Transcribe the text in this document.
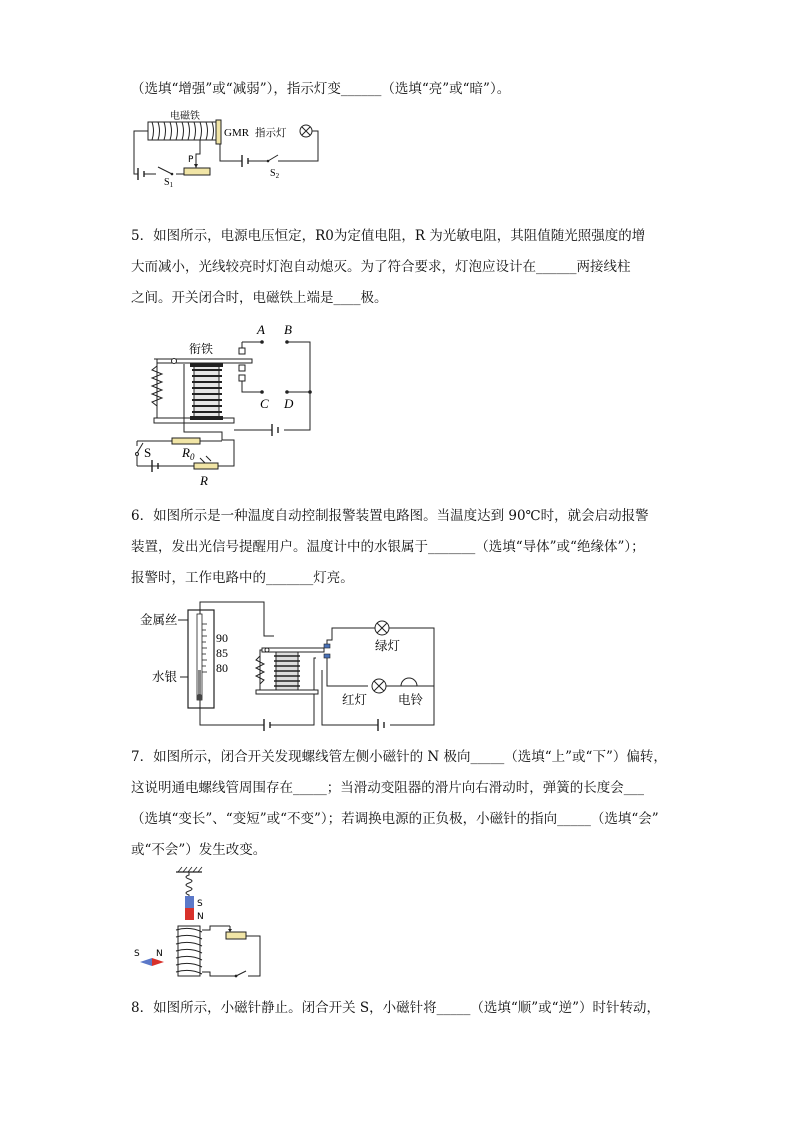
（选填“增强”或“减弱”），指示灯变______（选填“亮”或“暗”）。
电磁铁
GMR 指示灯
$S_2$
P
$S_1$
5．如图所示，电源电压恒定，R0为定值电阻，R 为光敏电阻，其阻值随光照强度的增
大而减小，光线较亮时灯泡自动熄灭。为了符合要求，灯泡应设计在______两接线柱
之间。开关闭合时，电磁铁上端是____极。
A B
C D
衔铁
$R_0$
S
R
6．如图所示是一种温度自动控制报警装置电路图。当温度达到 90℃时，就会启动报警
装置，发出光信号提醒用户。温度计中的水银属于_______（选填“导体”或“绝缘体”）；
报警时，工作电路中的_______灯亮。
金属丝
水银
90
85
80
绿灯
红灯 电铃
7．如图所示，闭合开关发现螺线管左侧小磁针的 N 极向_____（选填“上”或“下”）偏转，
这说明通电螺线管周围存在_____；当滑动变阻器的滑片向右滑动时，弹簧的长度会___
（选填“变长”、“变短”或“不变”）；若调换电源的正负极，小磁针的指向_____（选填“会”
或“不会”）发生改变。
S
N
S N
8．如图所示，小磁针静止。闭合开关 S，小磁针将_____（选填“顺”或“逆”）时针转动，
